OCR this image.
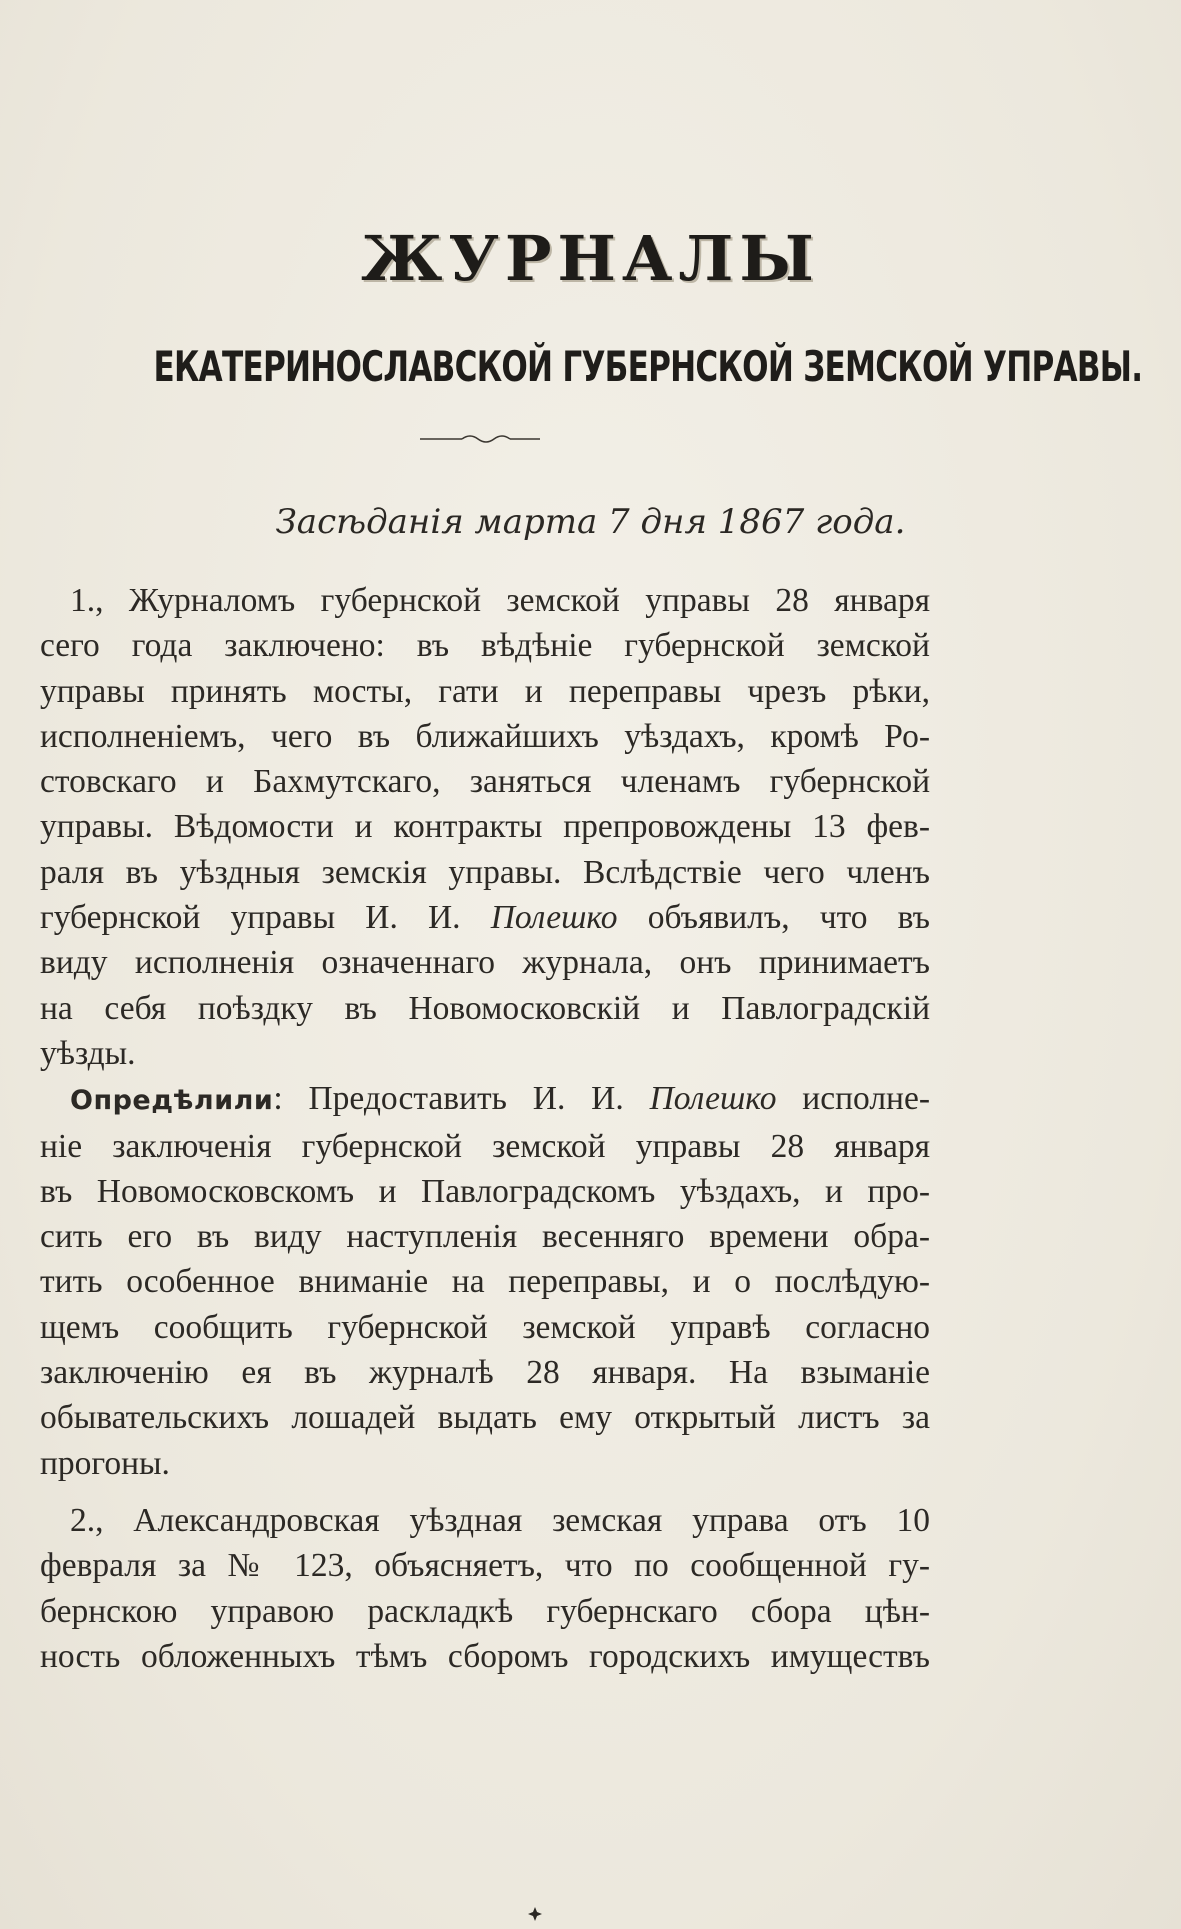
ЖУРНАЛЫ
ЕКАТЕРИНОСЛАВСКОЙ ГУБЕРНСКОЙ ЗЕМСКОЙ УПРАВЫ.
Засѣданія марта 7 дня 1867 года.
1., Журналомъ губернской земской управы 28 января
сего года заключено: въ вѣдѣніе губернской земской
управы принять мосты, гати и переправы чрезъ рѣки,
исполненіемъ, чего въ ближайшихъ уѣздахъ, кромѣ Ро-
стовскаго и Бахмутскаго, заняться членамъ губернской
управы. Вѣдомости и контракты препровождены 13 фев-
раля въ уѣздныя земскія управы. Вслѣдствіе чего членъ
губернской управы И. И. Полешко объявилъ, что въ
виду исполненія означеннаго журнала, онъ принимаетъ
на себя поѣздку въ Новомосковскій и Павлоградскій
уѣзды.
Опредѣлили: Предоставить И. И. Полешко исполне-
ніе заключенія губернской земской управы 28 января
въ Новомосковскомъ и Павлоградскомъ уѣздахъ, и про-
сить его въ виду наступленія весенняго времени обра-
тить особенное вниманіе на переправы, и о послѣдую-
щемъ сообщить губернской земской управѣ согласно
заключенію ея въ журналѣ 28 января. На взыманіе
обывательскихъ лошадей выдать ему открытый листъ за
прогоны.
2., Александровская уѣздная земская управа отъ 10
февраля за № 123, объясняетъ, что по сообщенной гу-
бернскою управою раскладкѣ губернскаго сбора цѣн-
ность обложенныхъ тѣмъ сборомъ городскихъ имуществъ
